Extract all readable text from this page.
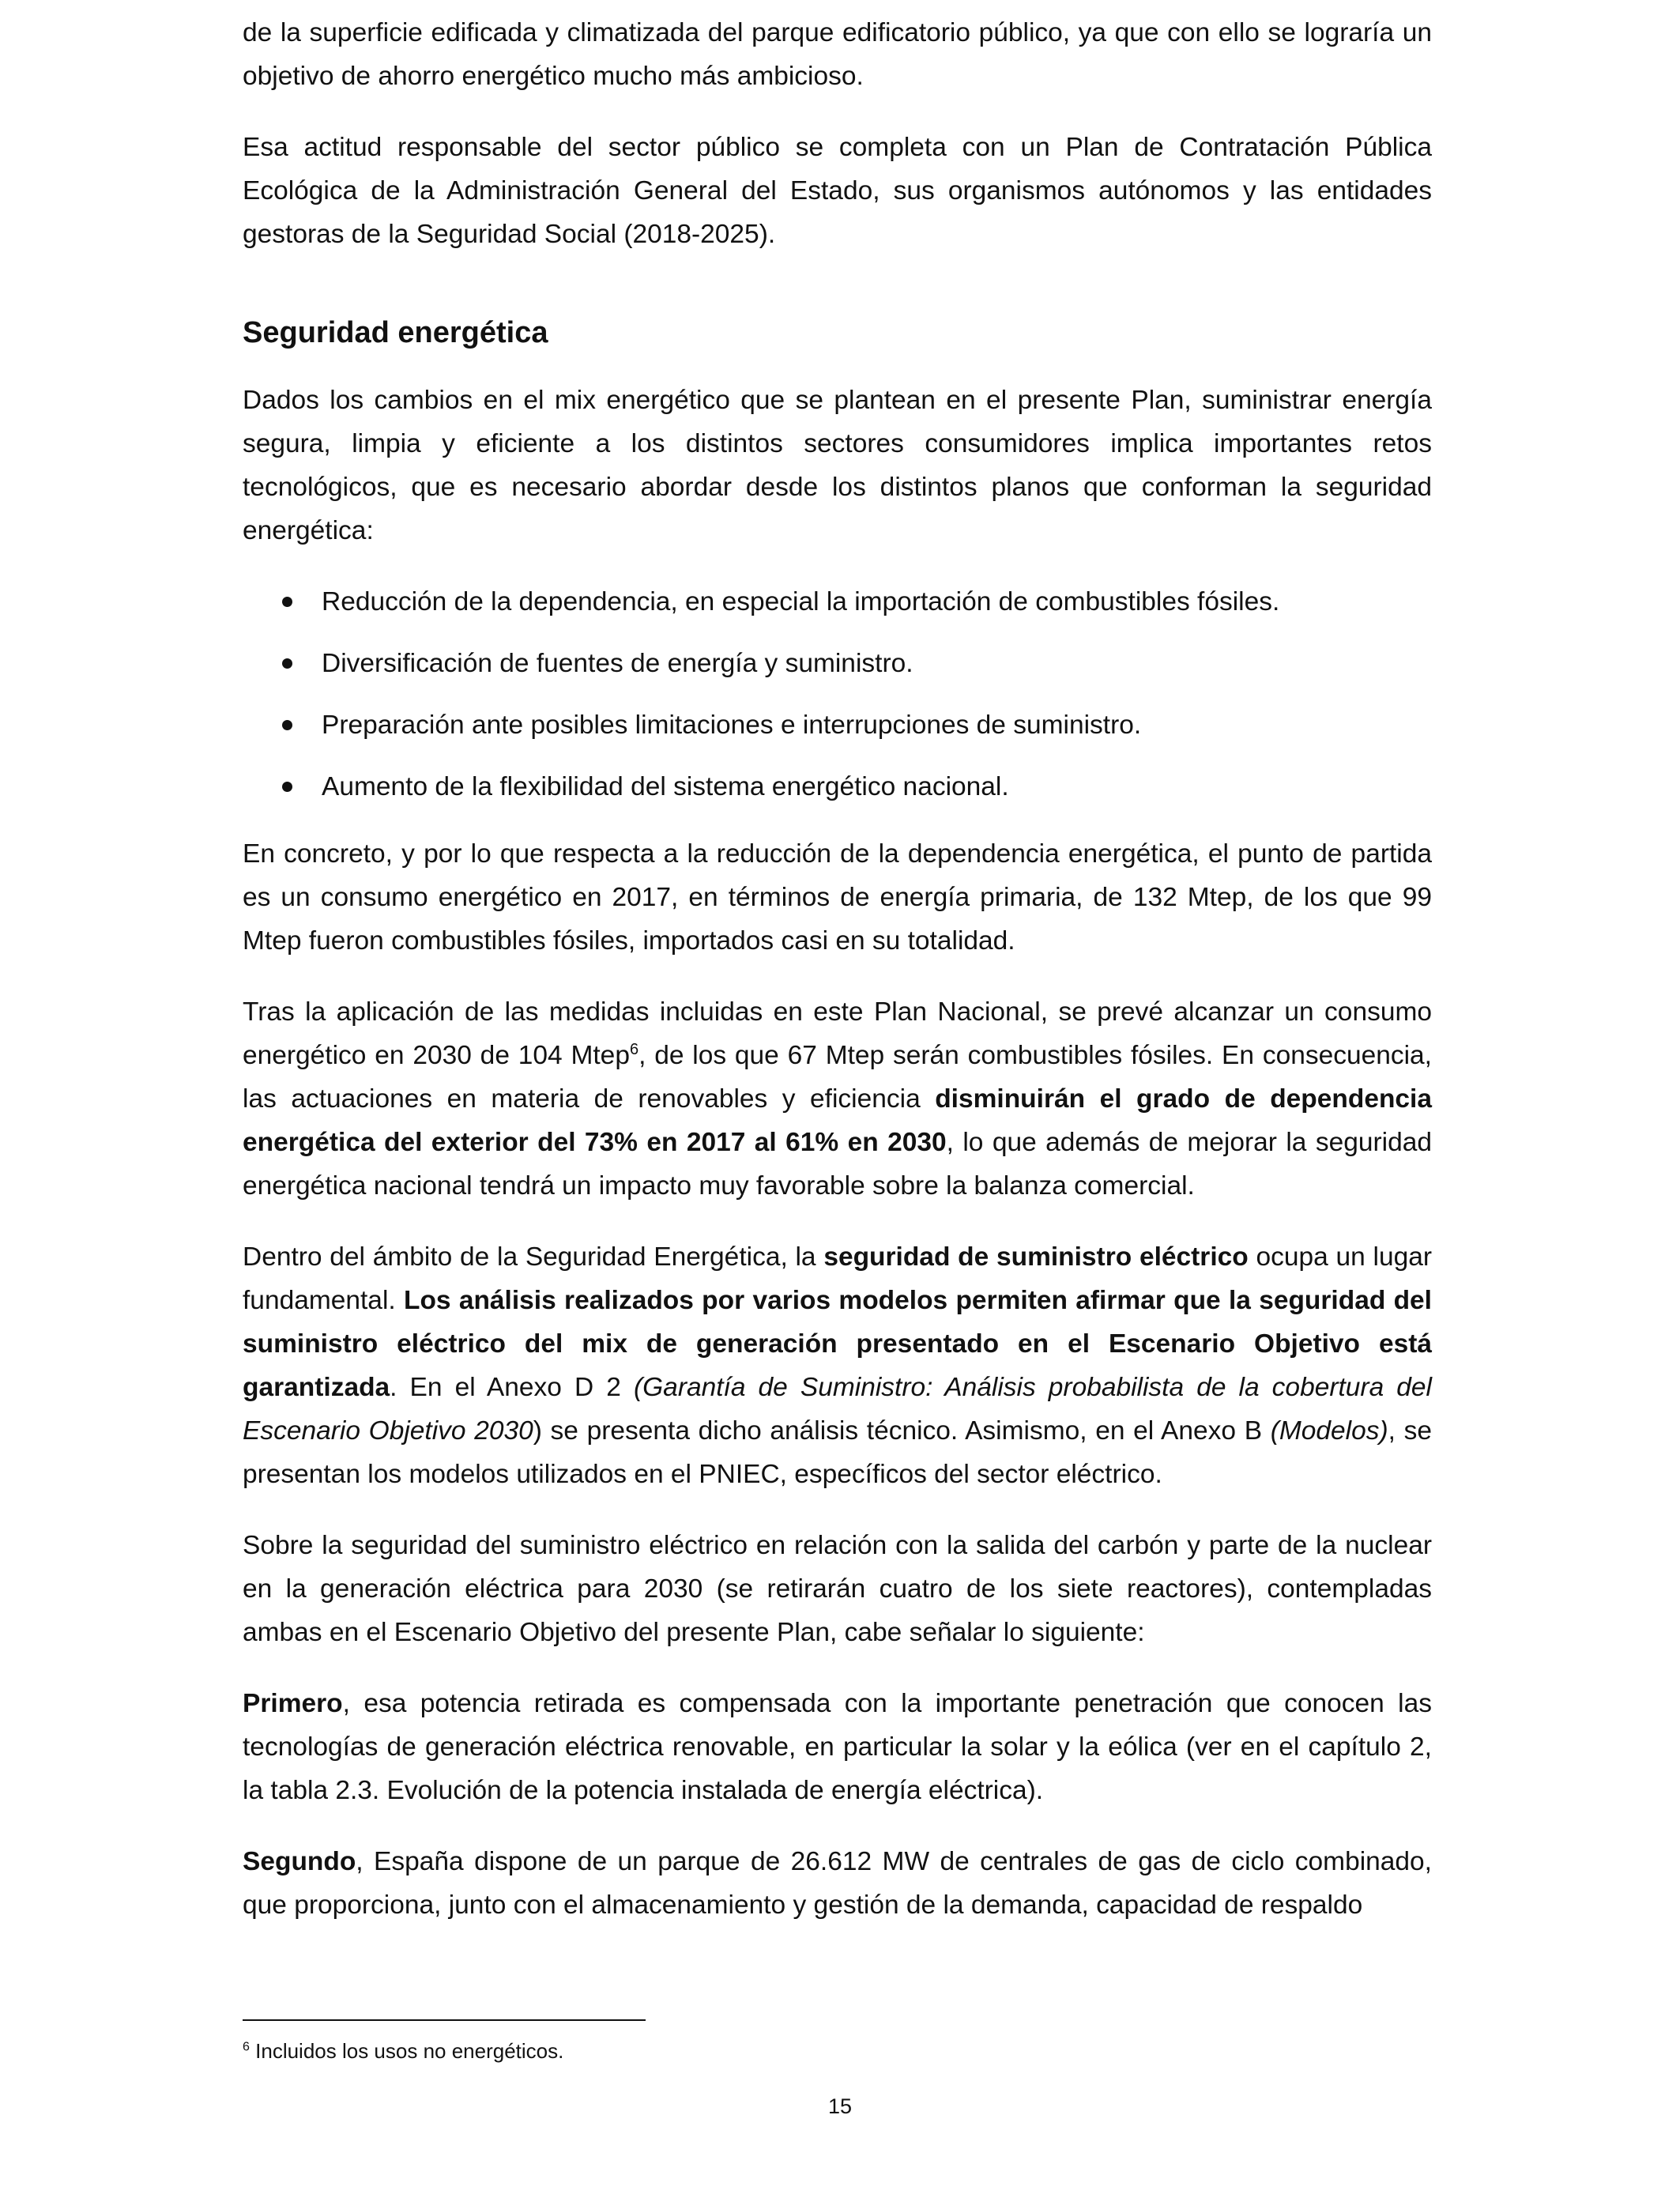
de la superficie edificada y climatizada del parque edificatorio público, ya que con ello se lograría un objetivo de ahorro energético mucho más ambicioso.

Esa actitud responsable del sector público se completa con un Plan de Contratación Pública Ecológica de la Administración General del Estado, sus organismos autónomos y las entidades gestoras de la Seguridad Social (2018-2025).

Seguridad energética

Dados los cambios en el mix energético que se plantean en el presente Plan, suministrar energía segura, limpia y eficiente a los distintos sectores consumidores implica importantes retos tecnológicos, que es necesario abordar desde los distintos planos que conforman la seguridad energética:

Reducción de la dependencia, en especial la importación de combustibles fósiles.
Diversificación de fuentes de energía y suministro.
Preparación ante posibles limitaciones e interrupciones de suministro.
Aumento de la flexibilidad del sistema energético nacional.

En concreto, y por lo que respecta a la reducción de la dependencia energética, el punto de partida es un consumo energético en 2017, en términos de energía primaria, de 132 Mtep, de los que 99 Mtep fueron combustibles fósiles, importados casi en su totalidad.

Tras la aplicación de las medidas incluidas en este Plan Nacional, se prevé alcanzar un consumo energético en 2030 de 104 Mtep$^6$, de los que 67 Mtep serán combustibles fósiles. En consecuencia, las actuaciones en materia de renovables y eficiencia disminuirán el grado de dependencia energética del exterior del 73% en 2017 al 61% en 2030, lo que además de mejorar la seguridad energética nacional tendrá un impacto muy favorable sobre la balanza comercial.

Dentro del ámbito de la Seguridad Energética, la seguridad de suministro eléctrico ocupa un lugar fundamental. Los análisis realizados por varios modelos permiten afirmar que la seguridad del suministro eléctrico del mix de generación presentado en el Escenario Objetivo está garantizada. En el Anexo D 2 (Garantía de Suministro: Análisis probabilista de la cobertura del Escenario Objetivo 2030) se presenta dicho análisis técnico. Asimismo, en el Anexo B (Modelos), se presentan los modelos utilizados en el PNIEC, específicos del sector eléctrico.

Sobre la seguridad del suministro eléctrico en relación con la salida del carbón y parte de la nuclear en la generación eléctrica para 2030 (se retirarán cuatro de los siete reactores), contempladas ambas en el Escenario Objetivo del presente Plan, cabe señalar lo siguiente:

Primero, esa potencia retirada es compensada con la importante penetración que conocen las tecnologías de generación eléctrica renovable, en particular la solar y la eólica (ver en el capítulo 2, la tabla 2.3. Evolución de la potencia instalada de energía eléctrica).

Segundo, España dispone de un parque de 26.612 MW de centrales de gas de ciclo combinado, que proporciona, junto con el almacenamiento y gestión de la demanda, capacidad de respaldo

$^6$ Incluidos los usos no energéticos.
15
